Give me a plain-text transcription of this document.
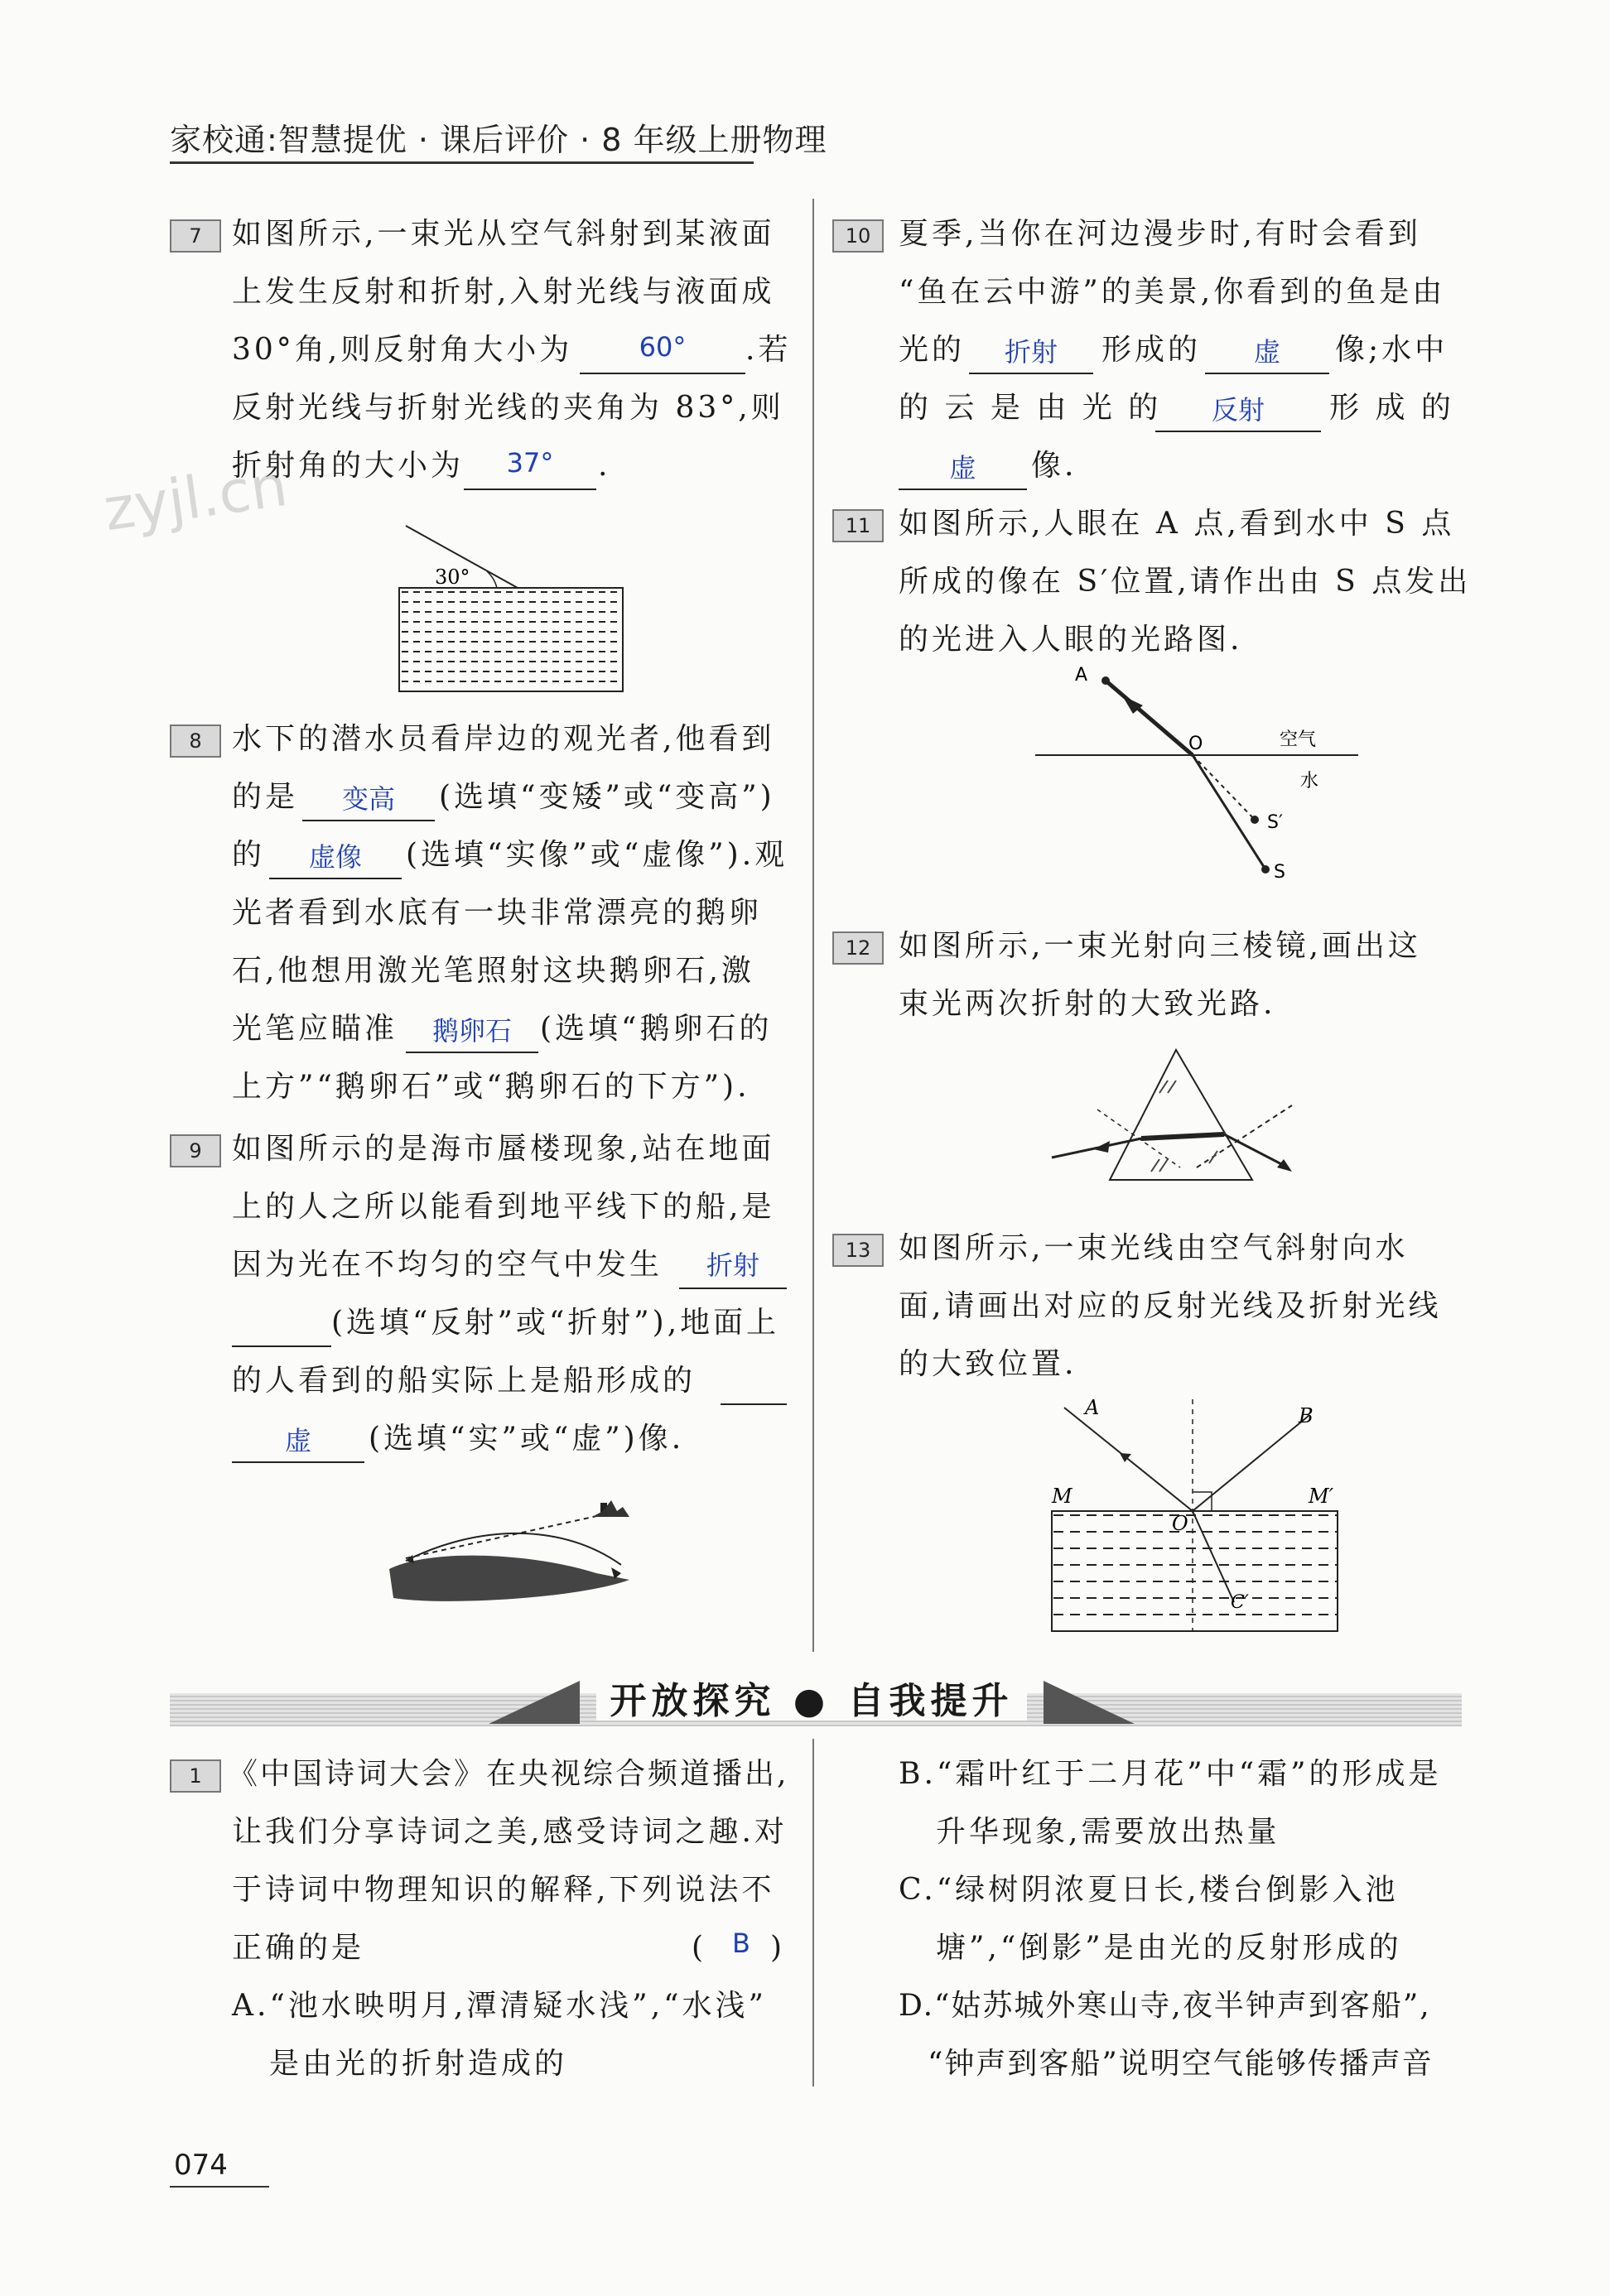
家校通:智慧提优 · 课后评价 · 8 年级上册物理
zyjl.cn
7	如图所示,一束光从空气斜射到某液面
上发生反射和折射,入射光线与液面成
30°角,则反射角大小为	60°	.若
反射光线与折射光线的夹角为 83°,则
折射角的大小为	37°	.
30°
8	水下的潜水员看岸边的观光者,他看到
的是	变高	(选填“变矮”或“变高”)
的	虚像	(选填“实像”或“虚像”).观
光者看到水底有一块非常漂亮的鹅卵
石,他想用激光笔照射这块鹅卵石,激
光笔应瞄准	鹅卵石 (选填“鹅卵石的
上方”“鹅卵石”或“鹅卵石的下方”).
9	如图所示的是海市蜃楼现象,站在地面
上的人之所以能看到地平线下的船,是
因为光在不均匀的空气中发生	折射
(选填“反射”或“折射”),地面上
的人看到的船实际上是船形成的
虚	(选填“实”或“虚”)像.
10 夏季,当你在河边漫步时,有时会看到
“鱼在云中游”的美景,你看到的鱼是由
光的	折射	形成的	虚	像;水中
的 云 是 由 光 的	反射	形 成 的
虚	像.
11 如图所示,人眼在 A 点,看到水中 S 点
所成的像在 S′位置,请作出由 S 点发出
的光进入人眼的光路图.
A
O	空气
水
S′
S
12 如图所示,一束光射向三棱镜,画出这
束光两次折射的大致光路.
13 如图所示,一束光线由空气斜射向水
面,请画出对应的反射光线及折射光线
的大致位置.
A	B
M	M′
O
C′
开放探究 ● 自我提升
1 《中国诗词大会》在央视综合频道播出,
让我们分享诗词之美,感受诗词之趣.对
于诗词中物理知识的解释,下列说法不
正确的是	( B )
A.“池水映明月,潭清疑水浅”,“水浅”
是由光的折射造成的
B.“霜叶红于二月花”中“霜”的形成是
升华现象,需要放出热量
C.“绿树阴浓夏日长,楼台倒影入池
塘”,“倒影”是由光的反射形成的
D.“姑苏城外寒山寺,夜半钟声到客船”,
“钟声到客船”说明空气能够传播声音
074
